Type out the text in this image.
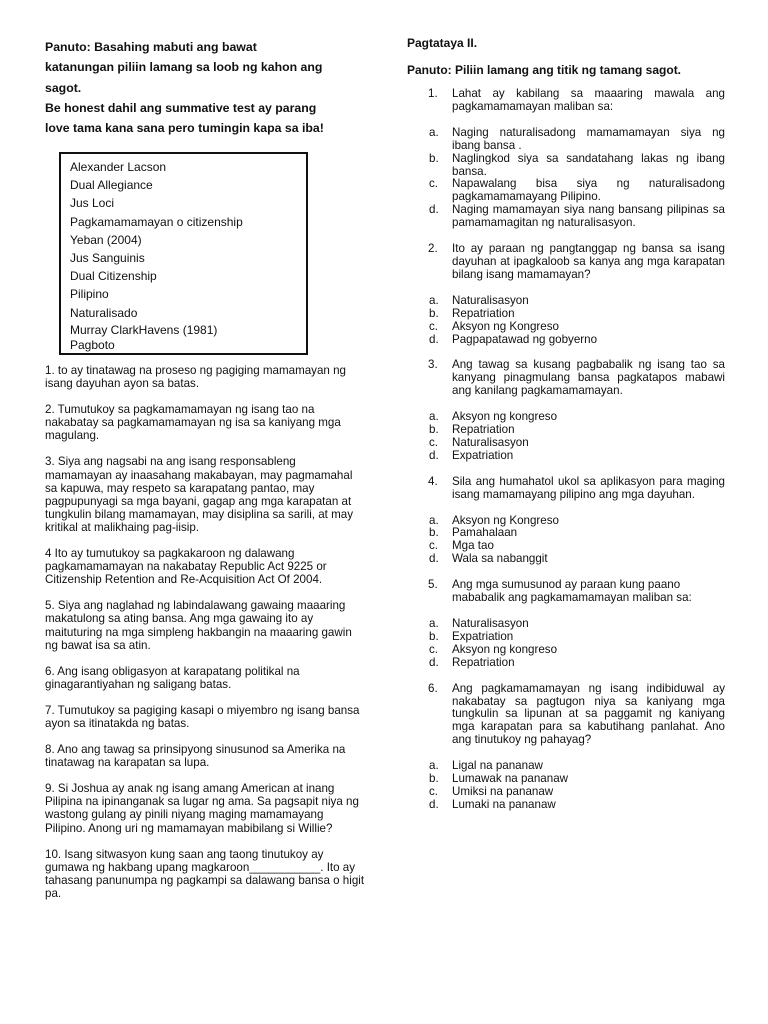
Panuto: Basahing mabuti ang bawat
katanungan piliin lamang sa loob ng kahon ang
sagot.
Be honest dahil ang summative test ay parang
love tama kana sana pero tumingin kapa sa iba!
Alexander Lacson
Dual Allegiance
Jus Loci
Pagkamamamayan o citizenship
Yeban (2004)
Jus Sanguinis
Dual Citizenship
Pilipino
Naturalisado
Murray ClarkHavens (1981)
Pagboto

1. to ay tinatawag na proseso ng pagiging mamamayan ng isang dayuhan ayon sa batas.

2. Tumutukoy sa pagkamamamayan ng isang tao na nakabatay sa pagkamamamayan ng isa sa kaniyang mga magulang.

3. Siya ang nagsabi na ang isang responsableng mamamayan ay inaasahang makabayan, may pagmamahal sa kapuwa, may respeto sa karapatang pantao, may pagpupunyagi sa mga bayani, gagap ang mga karapatan at tungkulin bilang mamamayan, may disiplina sa sarili, at may kritikal at malikhaing pag-iisip.

4 Ito ay tumutukoy sa pagkakaroon ng dalawang pagkamamamayan na nakabatay Republic Act 9225 or Citizenship Retention and Re-Acquisition Act Of 2004.

5. Siya ang naglahad ng labindalawang gawaing maaaring makatulong sa ating bansa. Ang mga gawaing ito ay maituturing na mga simpleng hakbangin na maaaring gawin ng bawat isa sa atin.

6. Ang isang obligasyon at karapatang politikal na ginagarantiyahan ng saligang batas.

7. Tumutukoy sa pagiging kasapi o miyembro ng isang bansa ayon sa itinatakda ng batas.

8. Ano ang tawag sa prinsipyong sinusunod sa Amerika na tinatawag na karapatan sa lupa.

9. Si Joshua ay anak ng isang amang American at inang Pilipina na ipinanganak sa lugar ng ama. Sa pagsapit niya ng wastong gulang ay pinili niyang maging mamamayang Pilipino. Anong uri ng mamamayan mabibilang si Willie?

10. Isang sitwasyon kung saan ang taong tinutukoy ay gumawa ng hakbang upang magkaroon___________. Ito ay tahasang panunumpa ng pagkampi sa dalawang bansa o higit pa.

Pagtataya II.
Panuto: Piliin lamang ang titik ng tamang sagot.
1. Lahat ay kabilang sa maaaring mawala ang pagkamamamayan maliban sa:
a. Naging naturalisadong mamamamayan siya ng ibang bansa .
b. Naglingkod siya sa sandatahang lakas ng ibang bansa.
c. Napawalang bisa siya ng naturalisadong pagkamamamayang Pilipino.
d. Naging mamamayan siya nang bansang pilipinas sa pamamamagitan ng naturalisasyon.
2. Ito ay paraan ng pangtanggap ng bansa sa isang dayuhan at ipagkaloob sa kanya ang mga karapatan bilang isang mamamayan?
a. Naturalisasyon
b. Repatriation
c. Aksyon ng Kongreso
d. Pagpapatawad ng gobyerno
3. Ang tawag sa kusang pagbabalik ng isang tao sa kanyang pinagmulang bansa pagkatapos mabawi ang kanilang pagkamamamayan.
a. Aksyon ng kongreso
b. Repatriation
c. Naturalisasyon
d. Expatriation
4. Sila ang humahatol ukol sa aplikasyon para maging isang mamamayang pilipino ang mga dayuhan.
a. Aksyon ng Kongreso
b. Pamahalaan
c. Mga tao
d. Wala sa nabanggit
5. Ang mga sumusunod ay paraan kung paano mababalik ang pagkamamamayan maliban sa:
a. Naturalisasyon
b. Expatriation
c. Aksyon ng kongreso
d. Repatriation
6. Ang pagkamamamayan ng isang indibiduwal ay nakabatay sa pagtugon niya sa kaniyang mga tungkulin sa lipunan at sa paggamit ng kaniyang mga karapatan para sa kabutihang panlahat. Ano ang tinutukoy ng pahayag?
a. Ligal na pananaw
b. Lumawak na pananaw
c. Umiksi na pananaw
d. Lumaki na pananaw
